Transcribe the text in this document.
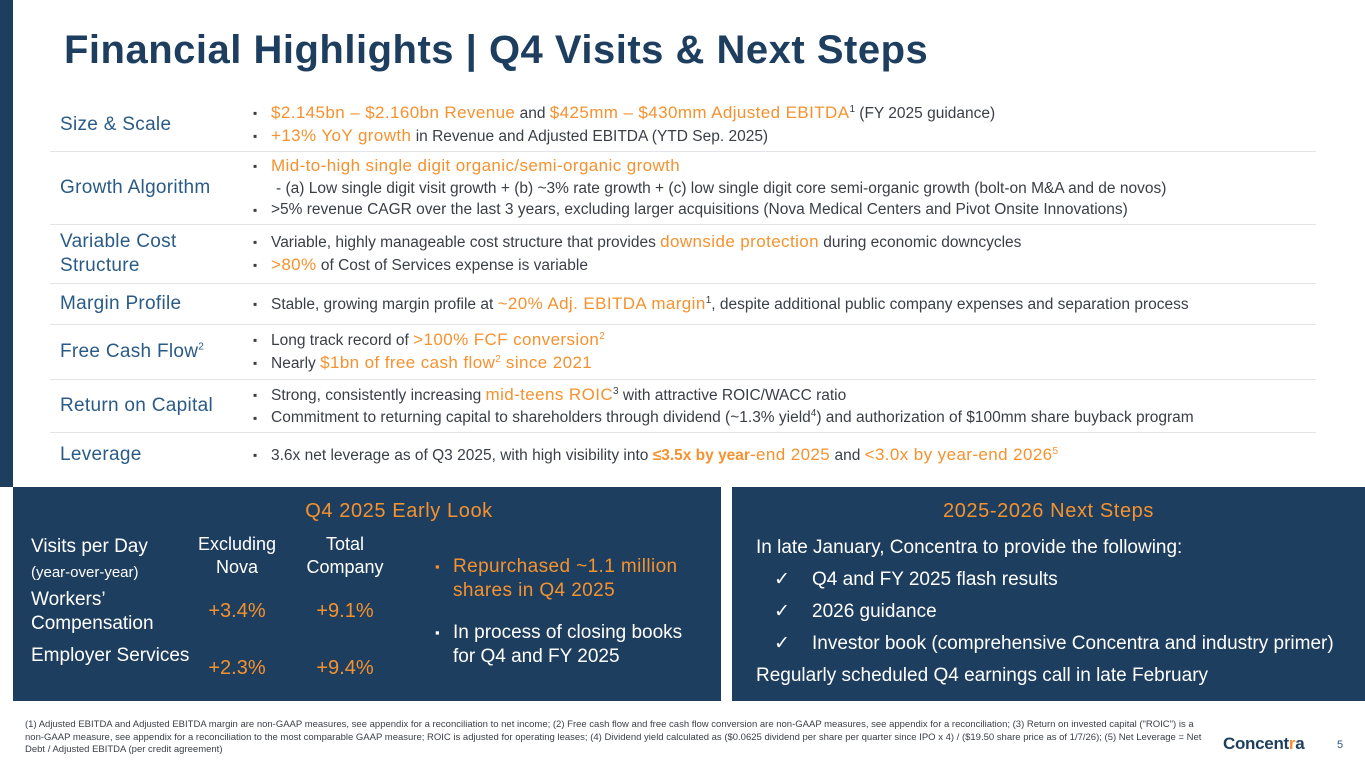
Financial Highlights | Q4 Visits & Next Steps
Size & Scale
▪ $2.145bn – $2.160bn Revenue and $425mm – $430mm Adjusted EBITDA$^1$ (FY 2025 guidance)
▪ +13% YoY growth in Revenue and Adjusted EBITDA (YTD Sep. 2025)
Growth Algorithm
▪ Mid-to-high single digit organic/semi-organic growth
- (a) Low single digit visit growth + (b) ~3% rate growth + (c) low single digit core semi-organic growth (bolt-on M&A and de novos)
▪ >5% revenue CAGR over the last 3 years, excluding larger acquisitions (Nova Medical Centers and Pivot Onsite Innovations)
Variable Cost Structure
▪ Variable, highly manageable cost structure that provides downside protection during economic downcycles
▪ >80% of Cost of Services expense is variable
Margin Profile	▪ Stable, growing margin profile at ~20% Adj. EBITDA margin$^1$, despite additional public company expenses and separation process
Free Cash Flow$^2$	▪ Long track record of >100% FCF conversion$^2$
▪ Nearly $1bn of free cash flow$^2$ since 2021
Return on Capital	▪ Strong, consistently increasing mid-teens ROIC$^3$ with attractive ROIC/WACC ratio
▪ Commitment to returning capital to shareholders through dividend (~1.3% yield$^4$) and authorization of $100mm share buyback program
Leverage	▪ 3.6x net leverage as of Q3 2025, with high visibility into ≤3.5x by year-end 2025 and <3.0x by year-end 2026$^5$
Q4 2025 Early Look
Visits per Day
(year-over-year)
Excluding Nova
Total Company
Workers’ Compensation
+3.4%	+9.1%
Employer Services
+2.3%	+9.4%
▪ Repurchased ~1.1 million shares in Q4 2025
▪ In process of closing books for Q4 and FY 2025
2025-2026 Next Steps
In late January, Concentra to provide the following:
✓ Q4 and FY 2025 flash results
✓ 2026 guidance
✓ Investor book (comprehensive Concentra and industry primer)
Regularly scheduled Q4 earnings call in late February
(1) Adjusted EBITDA and Adjusted EBITDA margin are non-GAAP measures, see appendix for a reconciliation to net income; (2) Free cash flow and free cash flow conversion are non-GAAP measures, see appendix for a reconciliation; (3) Return on invested capital ("ROIC") is a non-GAAP measure, see appendix for a reconciliation to the most comparable GAAP measure; ROIC is adjusted for operating leases; (4) Dividend yield calculated as ($0.0625 dividend per share per quarter since IPO x 4) / ($19.50 share price as of 1/7/26); (5) Net Leverage = Net Debt / Adjusted EBITDA (per credit agreement)	Concentra	5
